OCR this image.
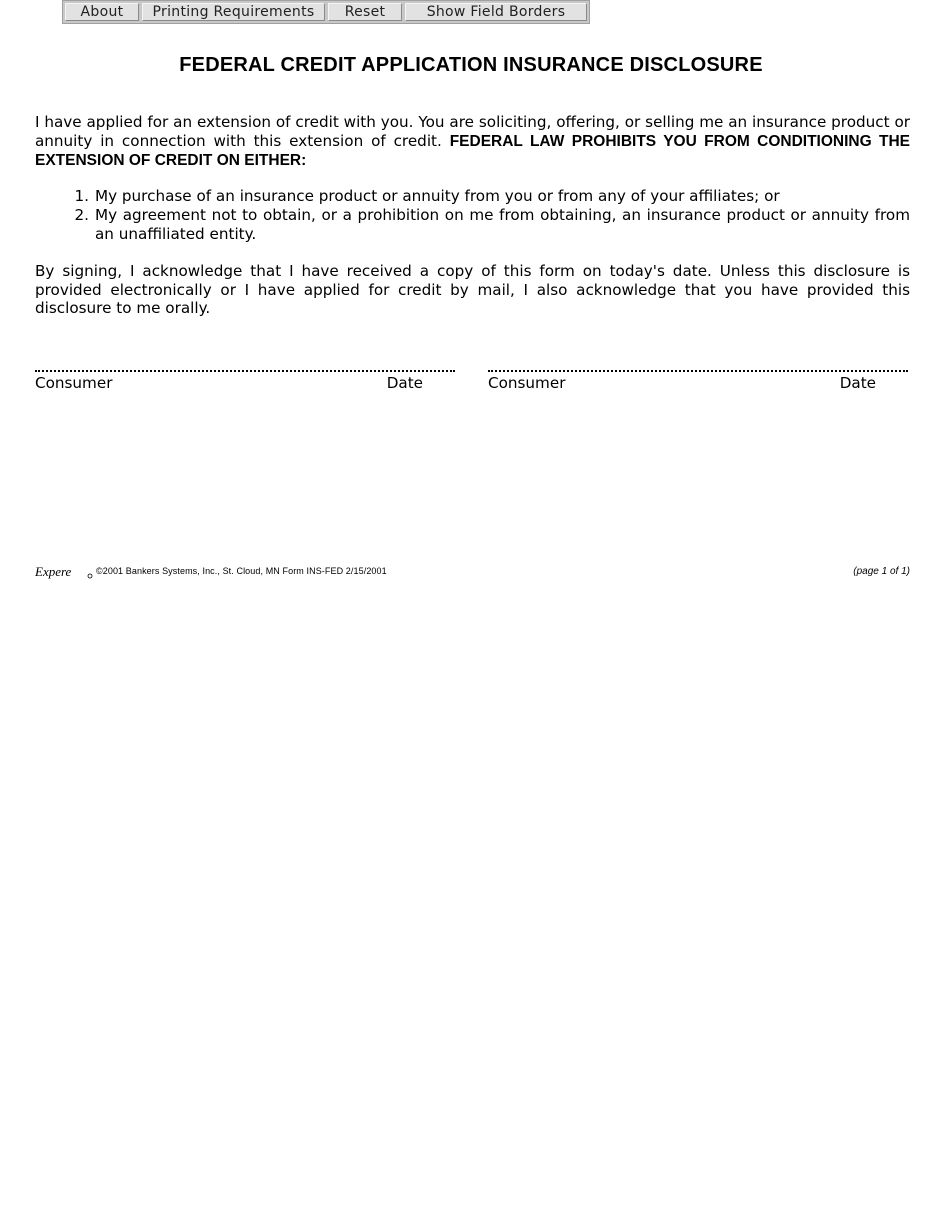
About	Printing Requirements	Reset	Show Field Borders
FEDERAL CREDIT APPLICATION INSURANCE DISCLOSURE
I have applied for an extension of credit with you. You are soliciting, offering, or selling me an insurance product or annuity in connection with this extension of credit. FEDERAL LAW PROHIBITS YOU FROM CONDITIONING THE EXTENSION OF CREDIT ON EITHER:
1. My purchase of an insurance product or annuity from you or from any of your affiliates; or
2. My agreement not to obtain, or a prohibition on me from obtaining, an insurance product or annuity from an unaffiliated entity.
By signing, I acknowledge that I have received a copy of this form on today's date. Unless this disclosure is provided electronically or I have applied for credit by mail, I also acknowledge that you have provided this disclosure to me orally.
Consumer	Date	Consumer	Date
Expere	©2001 Bankers Systems, Inc., St. Cloud, MN Form INS-FED 2/15/2001	(page 1 of 1)
